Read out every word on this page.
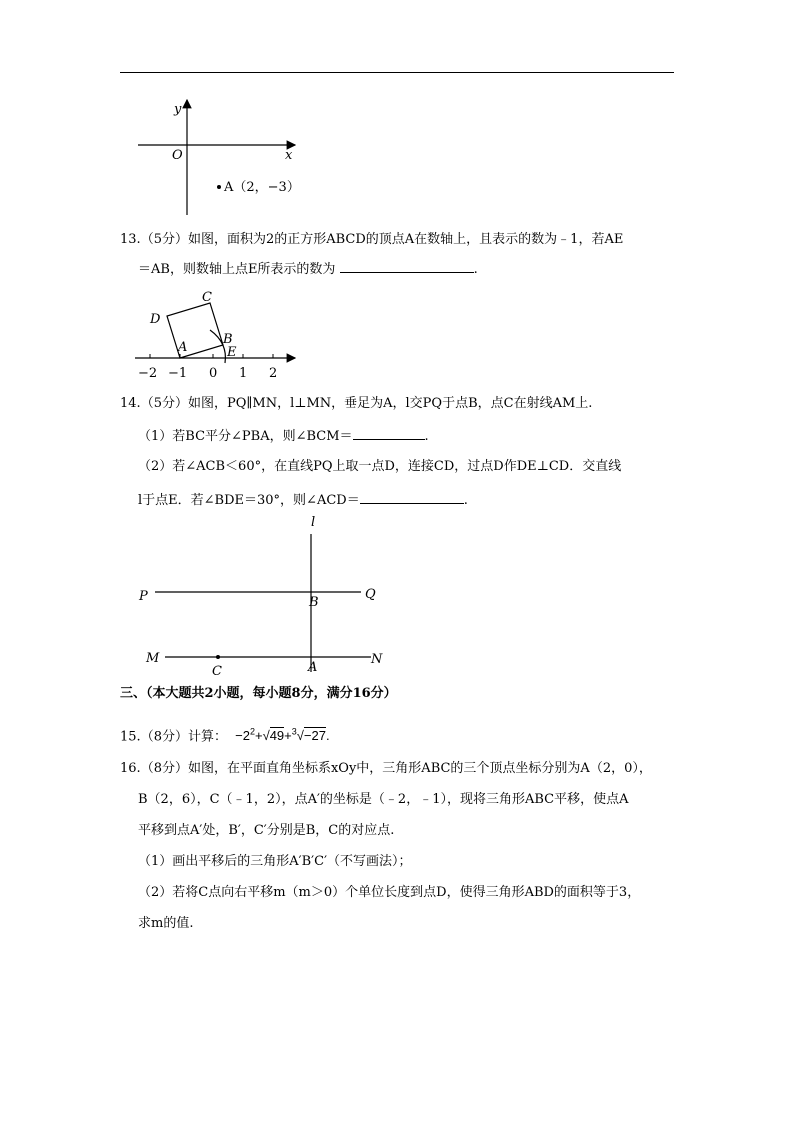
y
x
O
A（2，−3）
13.（5分）如图，面积为2的正方形ABCD的顶点A在数轴上，且表示的数为﹣1，若AE
＝AB，则数轴上点E所表示的数为	.
C
D
B
A	E
−2 −1 0 1 2
14.（5分）如图，PQ∥MN，l⊥MN，垂足为A，l交PQ于点B，点C在射线AM上.
（1）若BC平分∠PBA，则∠BCM＝	.
（2）若∠ACB＜60°，在直线PQ上取一点D，连接CD，过点D作DE⊥CD．交直线
l于点E．若∠BDE＝30°，则∠ACD＝	.
l
P	Q
B
M	N
C	A
三、（本大题共2小题，每小题8分，满分16分）
15.（8分）计算： $-2^2+√49+^3√-27$.
16.（8分）如图，在平面直角坐标系xOy中，三角形ABC的三个顶点坐标分别为A（2，0），
B（2，6），C（﹣1，2），点A′的坐标是（﹣2，﹣1），现将三角形ABC平移，使点A
平移到点A′处，B′，C′分别是B，C的对应点.
（1）画出平移后的三角形A′B′C′（不写画法）；
（2）若将C点向右平移m（m＞0）个单位长度到点D，使得三角形ABD的面积等于3，
求m的值.
